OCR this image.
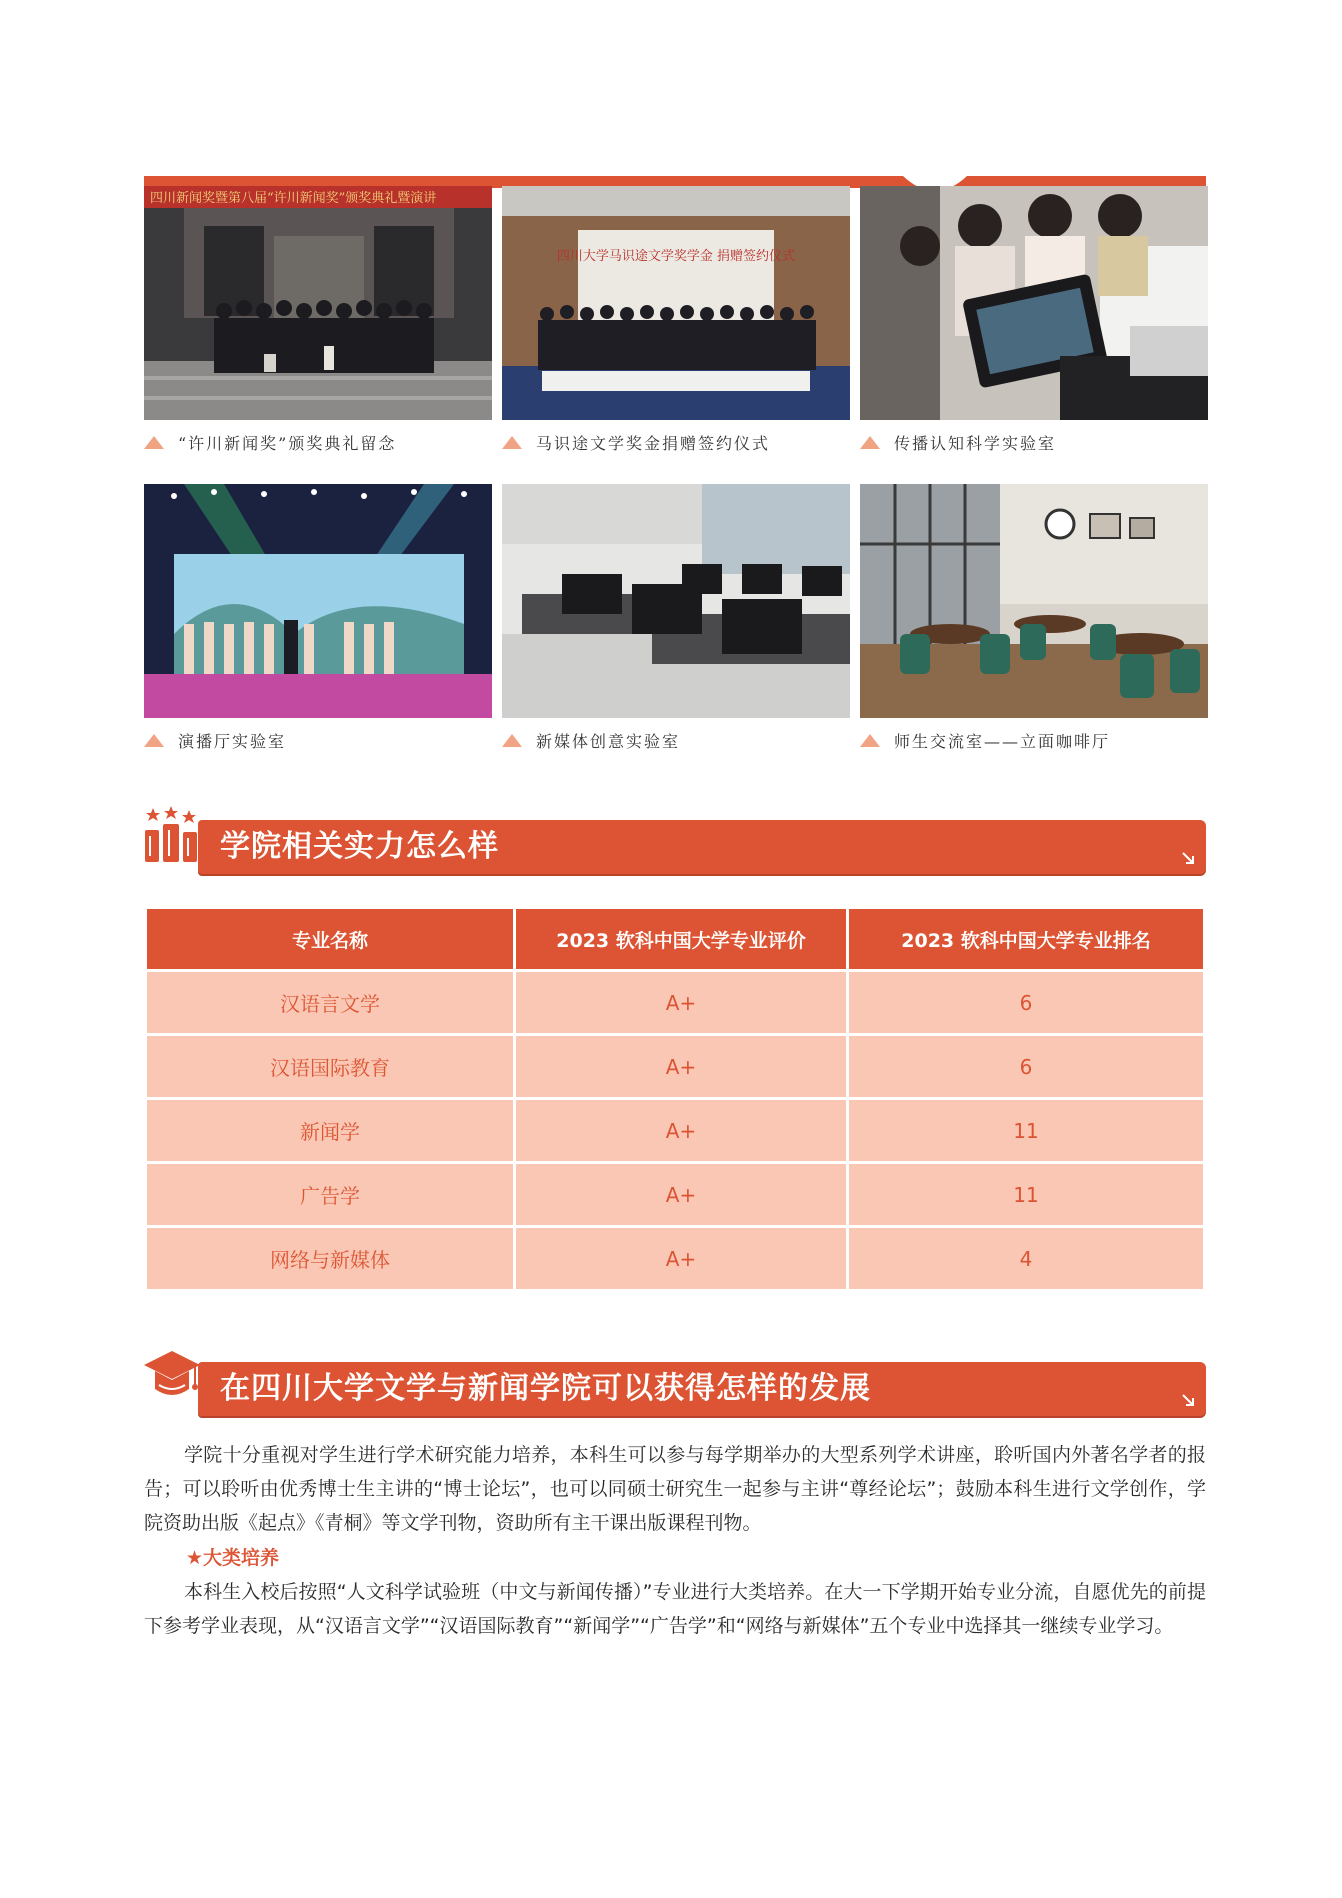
四川新闻奖暨第八届“许川新闻奖”颁奖典礼暨演讲
“许川新闻奖”颁奖典礼留念
四川大学马识途文学奖学金 捐赠签约仪式
马识途文学奖金捐赠签约仪式	传播认知科学实验室
演播厅实验室	新媒体创意实验室	师生交流室——立面咖啡厅
学院相关实力怎么样
专业名称	2023 软科中国大学专业评价	2023 软科中国大学专业排名
汉语言文学	A+	6
汉语国际教育	A+	6
新闻学	A+	11
广告学	A+	11
网络与新媒体	A+	4
在四川大学文学与新闻学院可以获得怎样的发展

学院十分重视对学生进行学术研究能力培养，本科生可以参与每学期举办的大型系列学术讲座，聆听国内外著名学者的报告；可以聆听由优秀博士生主讲的“博士论坛”，也可以同硕士研究生一起参与主讲“尊经论坛”；鼓励本科生进行文学创作，学院资助出版《起点》《青桐》等文学刊物，资助所有主干课出版课程刊物。

★大类培养

本科生入校后按照“人文科学试验班（中文与新闻传播）”专业进行大类培养。在大一下学期开始专业分流，自愿优先的前提下参考学业表现，从“汉语言文学”“汉语国际教育”“新闻学”“广告学”和“网络与新媒体”五个专业中选择其一继续专业学习。
